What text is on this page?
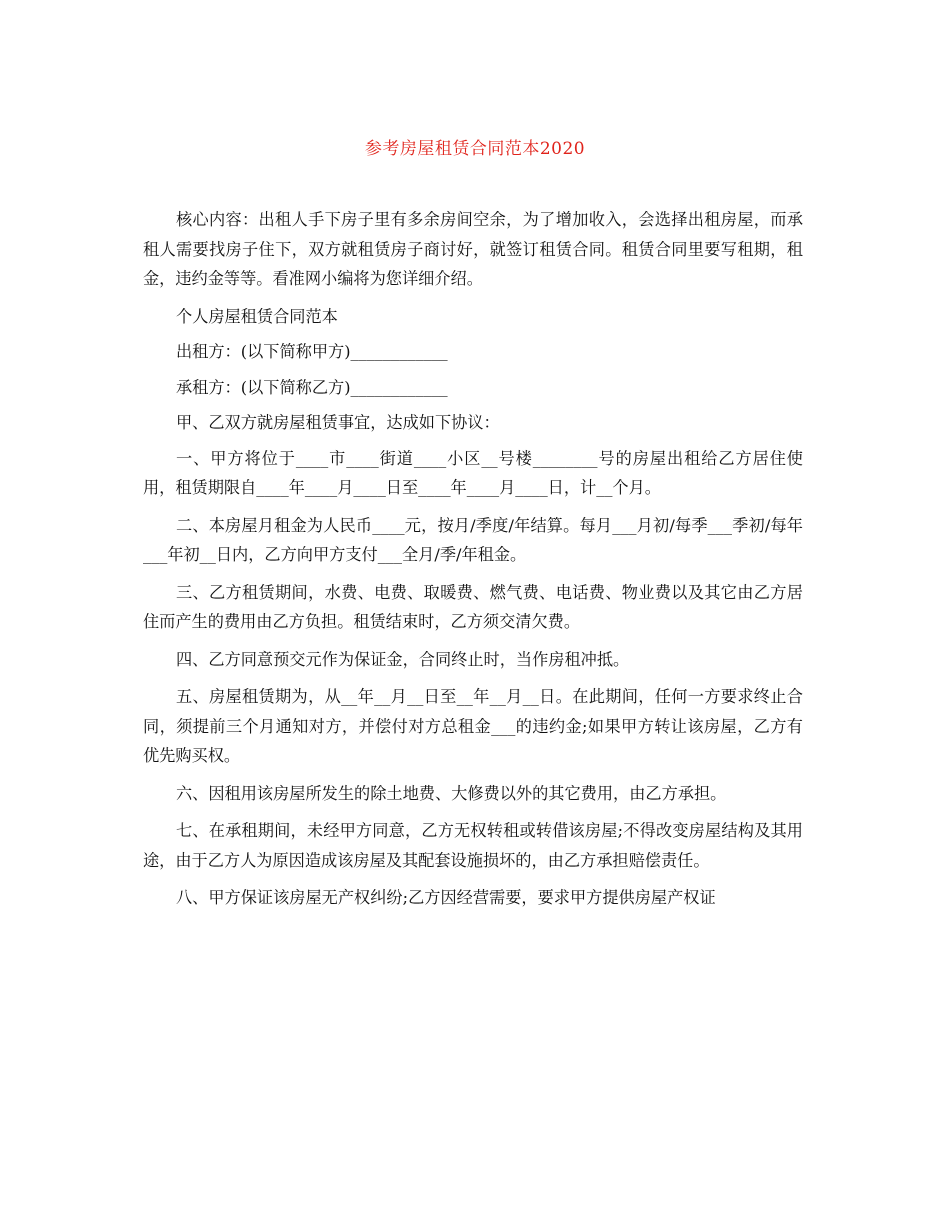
参考房屋租赁合同范本2020

核心内容：出租人手下房子里有多余房间空余，为了增加收入，会选择出租房屋，而承租人需要找房子住下，双方就租赁房子商讨好，就签订租赁合同。租赁合同里要写租期，租金，违约金等等。看准网小编将为您详细介绍。

个人房屋租赁合同范本

出租方：(以下简称甲方)____________

承租方：(以下简称乙方)____________

甲、乙双方就房屋租赁事宜，达成如下协议：

一、甲方将位于____市____街道____小区__号楼________号的房屋出租给乙方居住使用，租赁期限自____年____月____日至____年____月____日，计__个月。

二、本房屋月租金为人民币____元，按月/季度/年结算。每月___月初/每季___季初/每年___年初__日内，乙方向甲方支付___全月/季/年租金。

三、乙方租赁期间，水费、电费、取暖费、燃气费、电话费、物业费以及其它由乙方居住而产生的费用由乙方负担。租赁结束时，乙方须交清欠费。

四、乙方同意预交元作为保证金，合同终止时，当作房租冲抵。

五、房屋租赁期为，从__年__月__日至__年__月__日。在此期间，任何一方要求终止合同，须提前三个月通知对方，并偿付对方总租金___的违约金;如果甲方转让该房屋，乙方有优先购买权。

六、因租用该房屋所发生的除土地费、大修费以外的其它费用，由乙方承担。

七、在承租期间，未经甲方同意，乙方无权转租或转借该房屋;不得改变房屋结构及其用途，由于乙方人为原因造成该房屋及其配套设施损坏的，由乙方承担赔偿责任。

八、甲方保证该房屋无产权纠纷;乙方因经营需要，要求甲方提供房屋产权证
